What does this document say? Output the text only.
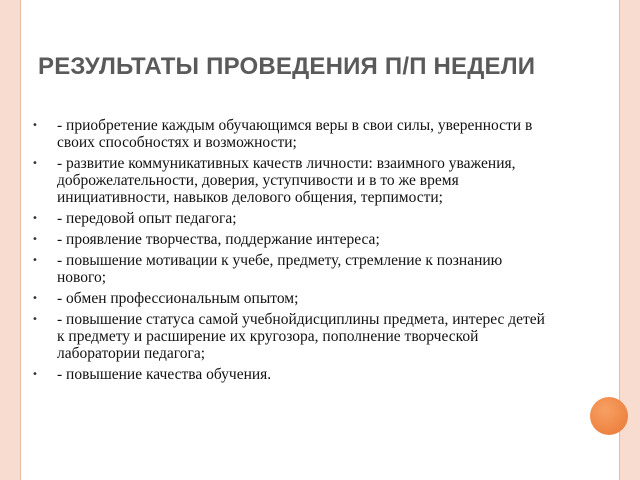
РЕЗУЛЬТАТЫ ПРОВЕДЕНИЯ П/П НЕДЕЛИ
• - приобретение каждым обучающимся веры в свои силы, уверенности в своих способностях и возможности;
• - развитие коммуникативных качеств личности: взаимного уважения, доброжелательности, доверия, уступчивости и в то же время инициативности, навыков делового общения, терпимости;
• - передовой опыт педагога;
• - проявление творчества, поддержание интереса;
• - повышение мотивации к учебе, предмету, стремление к познанию нового;
• - обмен профессиональным опытом;
• - повышение статуса самой учебнойдисциплины предмета, интерес детей к предмету и расширение их кругозора, пополнение творческой лаборатории педагога;
• - повышение качества обучения.
